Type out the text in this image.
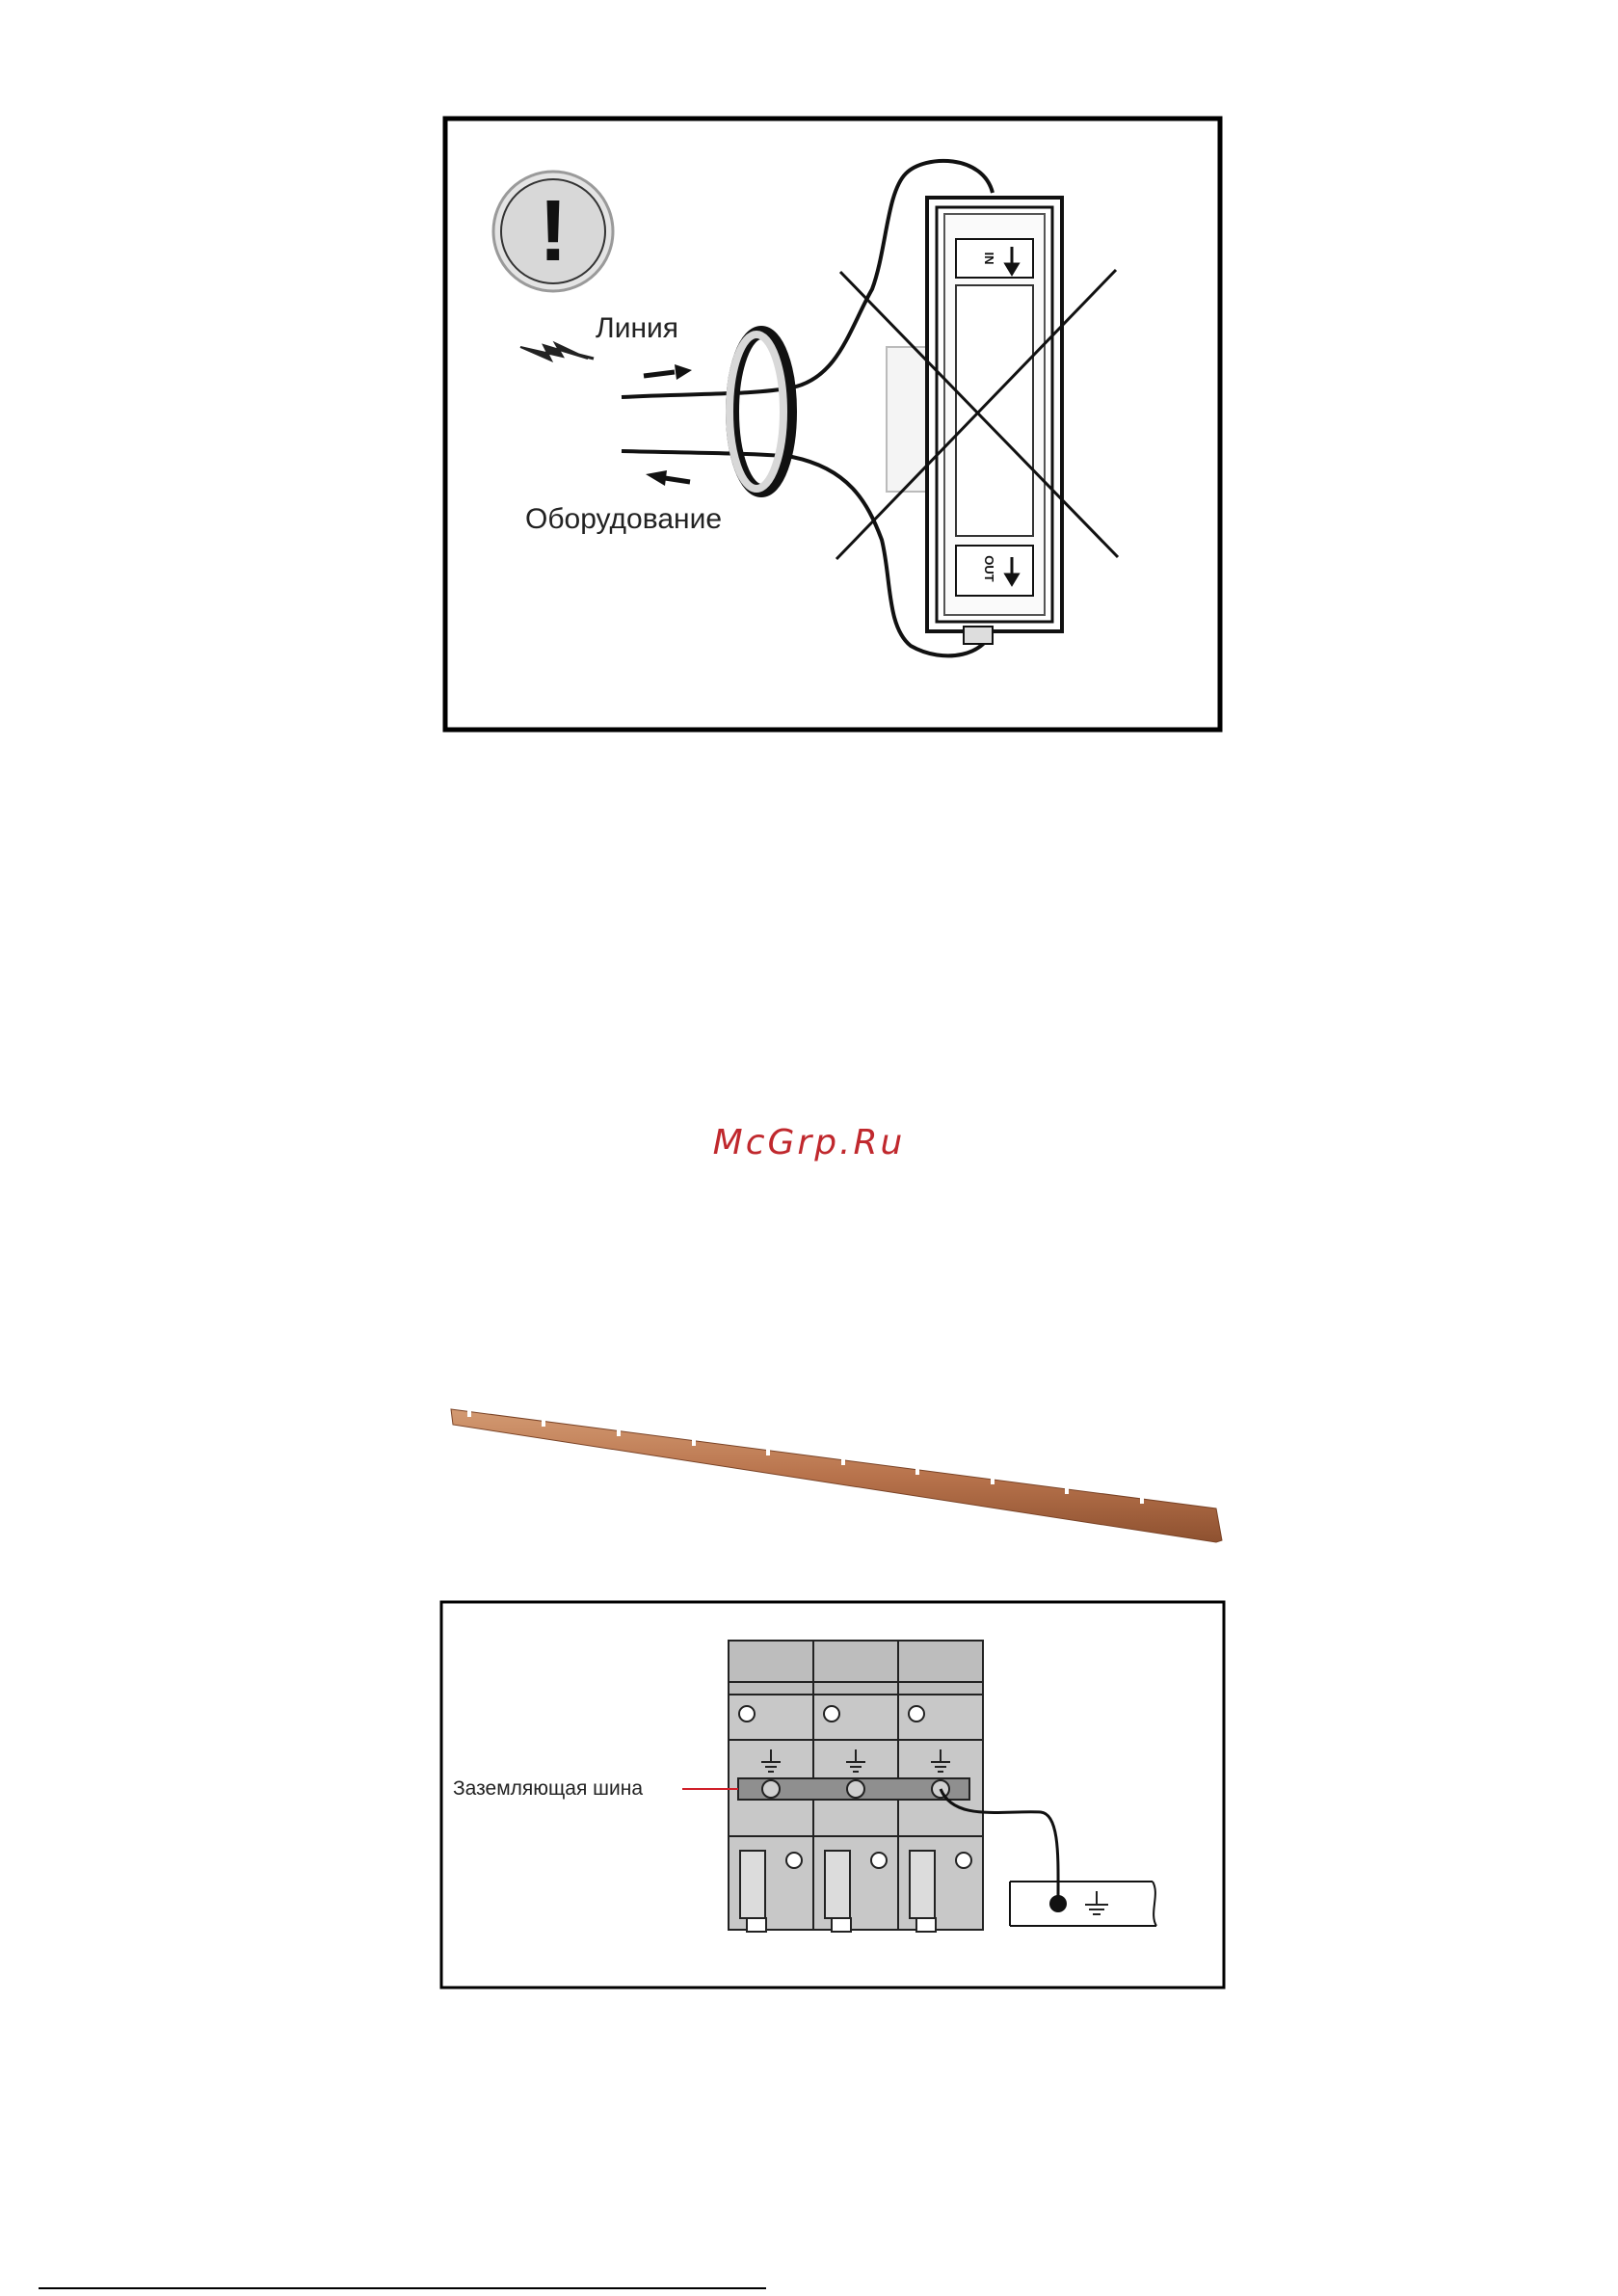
!
Линия
Оборудование
IN
OUT
McGrp.Ru
Заземляющая шина
